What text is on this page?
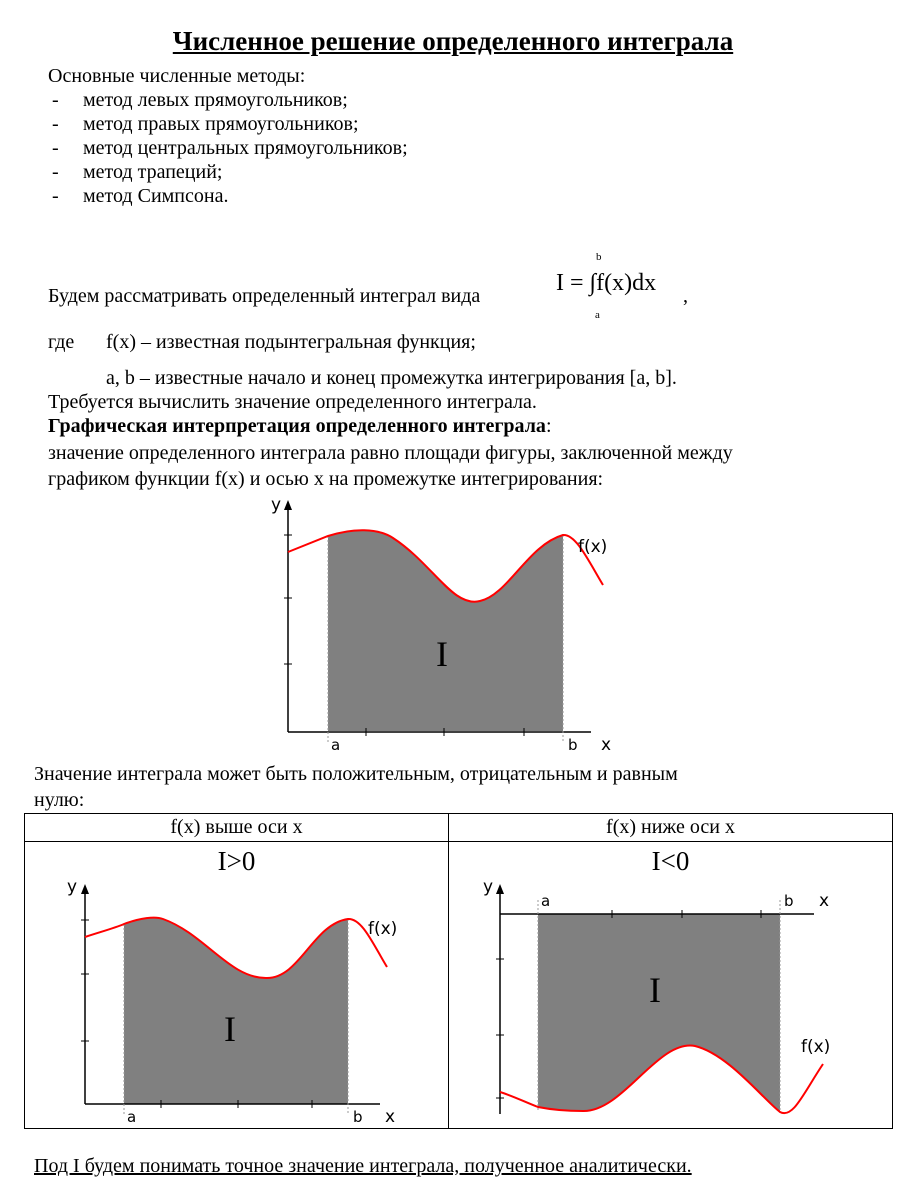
Численное решение определенного интеграла
Основные численные методы:
- метод левых прямоугольников;
- метод правых прямоугольников;
- метод центральных прямоугольников;
- метод трапеций;
- метод Симпсона.
Будем рассматривать определенный интеграл вида	I = ∫f(x)dx
b
a
,
где f(x) – известная подынтегральная функция;
a, b – известные начало и конец промежутка интегрирования [a, b].
Требуется вычислить значение определенного интеграла.
Графическая интерпретация определенного интеграла:
значение определенного интеграла равно площади фигуры, заключенной между
графиком функции f(x) и осью x на промежутке интегрирования:
y
x
a	b
f(x)
I
Значение интеграла может быть положительным, отрицательным и равным
нулю:
f(x) выше оси x	f(x) ниже оси x
I>0	I<0
y
x
a	b
f(x)
I
y
x
a	b
f(x)
I
Под I будем понимать точное значение интеграла, полученное аналитически.
